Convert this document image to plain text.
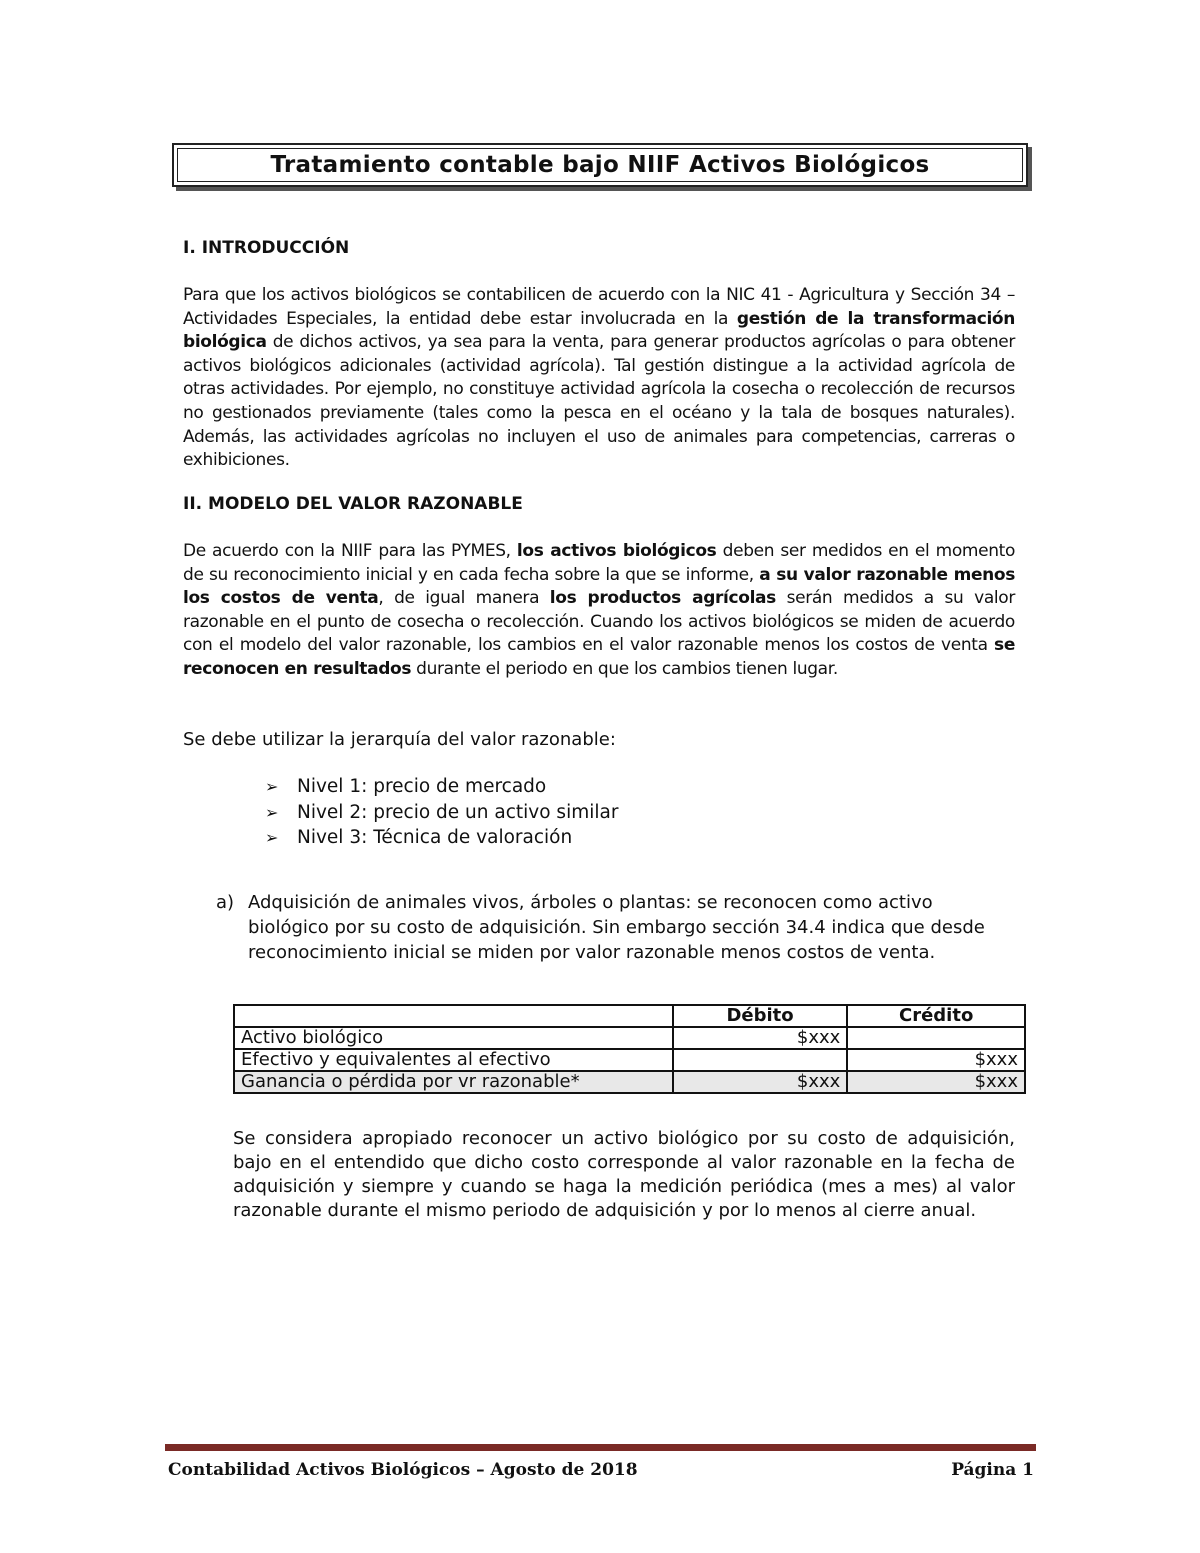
Tratamiento contable bajo NIIF Activos Biológicos
I. INTRODUCCIÓN

Para que los activos biológicos se contabilicen de acuerdo con la NIC 41 - Agricultura y Sección 34 – Actividades Especiales, la entidad debe estar involucrada en la gestión de la transformación biológica de dichos activos, ya sea para la venta, para generar productos agrícolas o para obtener activos biológicos adicionales (actividad agrícola). Tal gestión distingue a la actividad agrícola de otras actividades. Por ejemplo, no constituye actividad agrícola la cosecha o recolección de recursos no gestionados previamente (tales como la pesca en el océano y la tala de bosques naturales). Además, las actividades agrícolas no incluyen el uso de animales para competencias, carreras o exhibiciones.

II. MODELO DEL VALOR RAZONABLE

De acuerdo con la NIIF para las PYMES, los activos biológicos deben ser medidos en el momento de su reconocimiento inicial y en cada fecha sobre la que se informe, a su valor razonable menos los costos de venta, de igual manera los productos agrícolas serán medidos a su valor razonable en el punto de cosecha o recolección. Cuando los activos biológicos se miden de acuerdo con el modelo del valor razonable, los cambios en el valor razonable menos los costos de venta se reconocen en resultados durante el periodo en que los cambios tienen lugar.

Se debe utilizar la jerarquía del valor razonable:

➢	Nivel 1: precio de mercado
➢	Nivel 2: precio de un activo similar
➢	Nivel 3: Técnica de valoración
a) Adquisición de animales vivos, árboles o plantas: se reconocen como activo biológico por su costo de adquisición. Sin embargo sección 34.4 indica que desde reconocimiento inicial se miden por valor razonable menos costos de venta.
	Débito	Crédito
Activo biológico	$xxx	
Efectivo y equivalentes al efectivo		$xxx
Ganancia o pérdida por vr razonable*	$xxx	$xxx

Se considera apropiado reconocer un activo biológico por su costo de adquisición, bajo en el entendido que dicho costo corresponde al valor razonable en la fecha de adquisición y siempre y cuando se haga la medición periódica (mes a mes) al valor razonable durante el mismo periodo de adquisición y por lo menos al cierre anual.

Contabilidad Activos Biológicos – Agosto de 2018	Página 1
